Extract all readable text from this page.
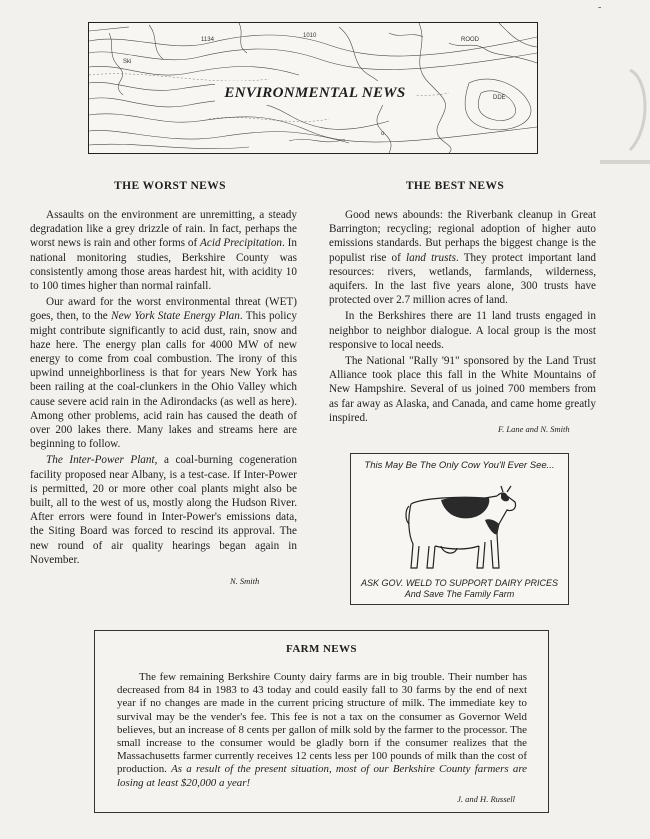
-
ROOD
1134
Ski
DDE
1010
o
ENVIRONMENTAL NEWS
THE WORST NEWS

Assaults on the environment are unremitting, a steady degradation like a grey drizzle of rain. In fact, perhaps the worst news is rain and other forms of Acid Precipitation. In national monitoring studies, Berkshire County was consistently among those areas hardest hit, with acidity 10 to 100 times higher than normal rainfall.

Our award for the worst environmental threat (WET) goes, then, to the New York State Energy Plan. This policy might contribute significantly to acid dust, rain, snow and haze here. The energy plan calls for 4000 MW of new energy to come from coal combustion. The irony of this upwind unneighborliness is that for years New York has been railing at the coal-clunkers in the Ohio Valley which cause severe acid rain in the Adirondacks (as well as here). Among other problems, acid rain has caused the death of over 200 lakes there. Many lakes and streams here are beginning to follow.

The Inter-Power Plant, a coal-burning cogeneration facility proposed near Albany, is a test-case. If Inter-Power is permitted, 20 or more other coal plants might also be built, all to the west of us, mostly along the Hudson River. After errors were found in Inter-Power's emissions data, the Siting Board was forced to rescind its approval. The new round of air quality hearings began again in November.

N. Smith
THE BEST NEWS

Good news abounds: the Riverbank cleanup in Great Barrington; recycling; regional adoption of higher auto emissions standards. But perhaps the biggest change is the populist rise of land trusts. They protect important land resources: rivers, wetlands, farmlands, wilderness, aquifers. In the last five years alone, 300 trusts have protected over 2.7 million acres of land.

In the Berkshires there are 11 land trusts engaged in neighbor to neighbor dialogue. A local group is the most responsive to local needs.

The National "Rally '91" sponsored by the Land Trust Alliance took place this fall in the White Mountains of New Hampshire. Several of us joined 700 members from as far away as Alaska, and Canada, and came home greatly inspired.

F. Lane and N. Smith
This May Be The Only Cow You'll Ever See...
ASK GOV. WELD TO SUPPORT DAIRY PRICES
And Save The Family Farm
FARM NEWS

The few remaining Berkshire County dairy farms are in big trouble. Their number has decreased from 84 in 1983 to 43 today and could easily fall to 30 farms by the end of next year if no changes are made in the current pricing structure of milk. The immediate key to survival may be the vender's fee. This fee is not a tax on the consumer as Governor Weld believes, but an increase of 8 cents per gallon of milk sold by the farmer to the processor. The small increase to the consumer would be gladly born if the consumer realizes that the Massachusetts farmer currently receives 12 cents less per 100 pounds of milk than the cost of production. As a result of the present situation, most of our Berkshire County farmers are losing at least $20,000 a year!

J. and H. Russell
